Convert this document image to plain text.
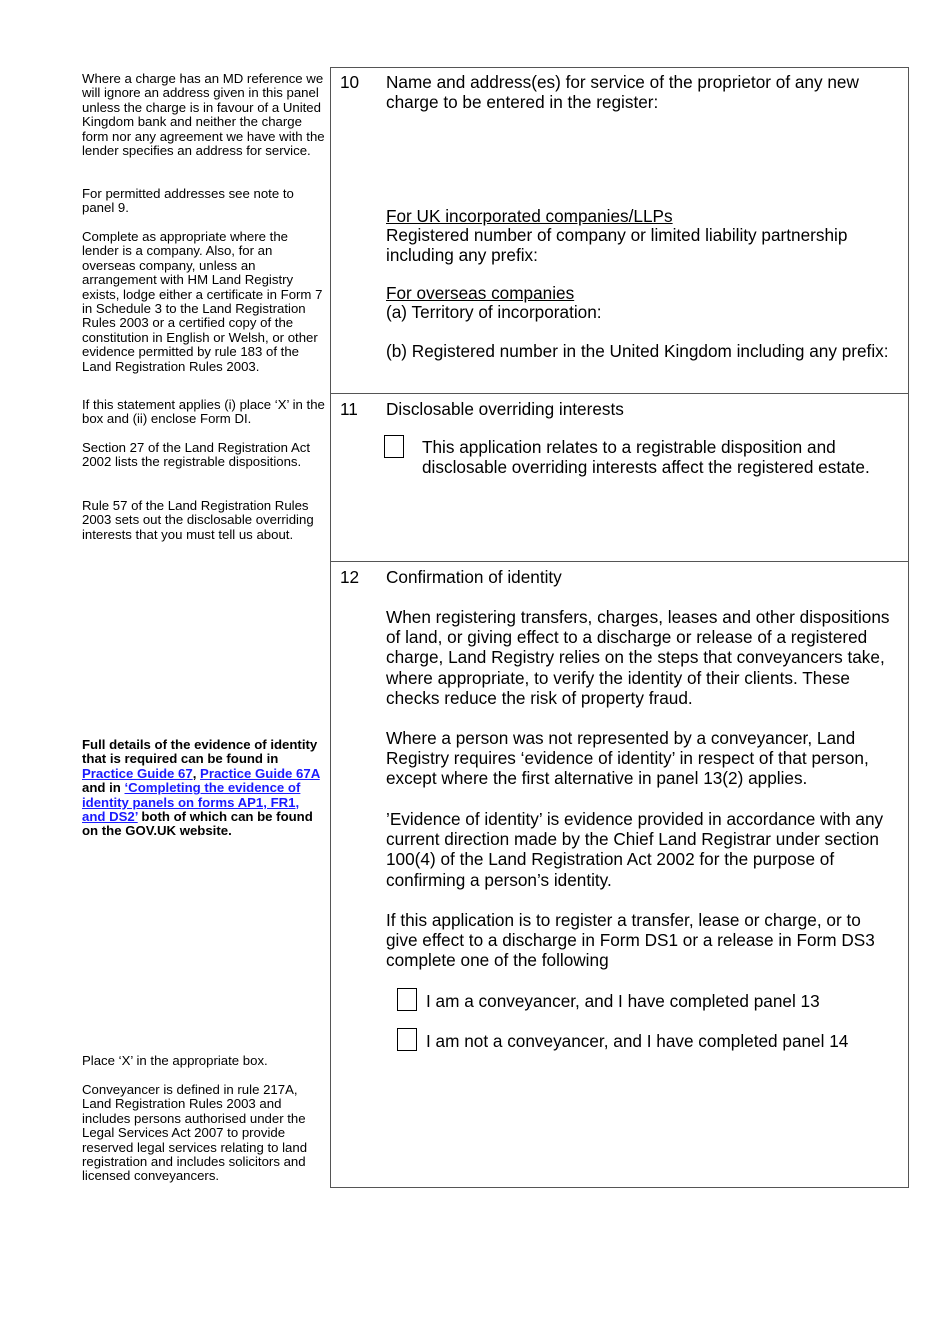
Where a charge has an MD reference we will ignore an address given in this panel unless the charge is in favour of a United Kingdom bank and neither the charge form nor any agreement we have with the lender specifies an address for service.

For permitted addresses see note to panel 9.

Complete as appropriate where the lender is a company. Also, for an overseas company, unless an arrangement with HM Land Registry exists, lodge either a certificate in Form 7 in Schedule 3 to the Land Registration Rules 2003 or a certified copy of the constitution in English or Welsh, or other evidence permitted by rule 183 of the Land Registration Rules 2003.

If this statement applies (i) place ‘X’ in the box and (ii) enclose Form DI.

Section 27 of the Land Registration Act 2002 lists the registrable dispositions.

Rule 57 of the Land Registration Rules 2003 sets out the disclosable overriding interests that you must tell us about.

Full details of the evidence of identity that is required can be found in Practice Guide 67, Practice Guide 67A and in ‘Completing the evidence of identity panels on forms AP1, FR1, and DS2’ both of which can be found on the GOV.UK website.

Place ‘X’ in the appropriate box.

Conveyancer is defined in rule 217A, Land Registration Rules 2003 and includes persons authorised under the Legal Services Act 2007 to provide reserved legal services relating to land registration and includes solicitors and licensed conveyancers.

10 Name and address(es) for service of the proprietor of any new charge to be entered in the register:

For UK incorporated companies/LLPs

Registered number of company or limited liability partnership including any prefix:

For overseas companies

(a) Territory of incorporation:

(b) Registered number in the United Kingdom including any prefix:

11 Disclosable overriding interests

This application relates to a registrable disposition and disclosable overriding interests affect the registered estate.

12 Confirmation of identity

When registering transfers, charges, leases and other dispositions of land, or giving effect to a discharge or release of a registered charge, Land Registry relies on the steps that conveyancers take, where appropriate, to verify the identity of their clients. These checks reduce the risk of property fraud.

Where a person was not represented by a conveyancer, Land Registry requires ‘evidence of identity’ in respect of that person, except where the first alternative in panel 13(2) applies.

’Evidence of identity’ is evidence provided in accordance with any current direction made by the Chief Land Registrar under section 100(4) of the Land Registration Act 2002 for the purpose of confirming a person’s identity.

If this application is to register a transfer, lease or charge, or to give effect to a discharge in Form DS1 or a release in Form DS3 complete one of the following

I am a conveyancer, and I have completed panel 13

I am not a conveyancer, and I have completed panel 14
